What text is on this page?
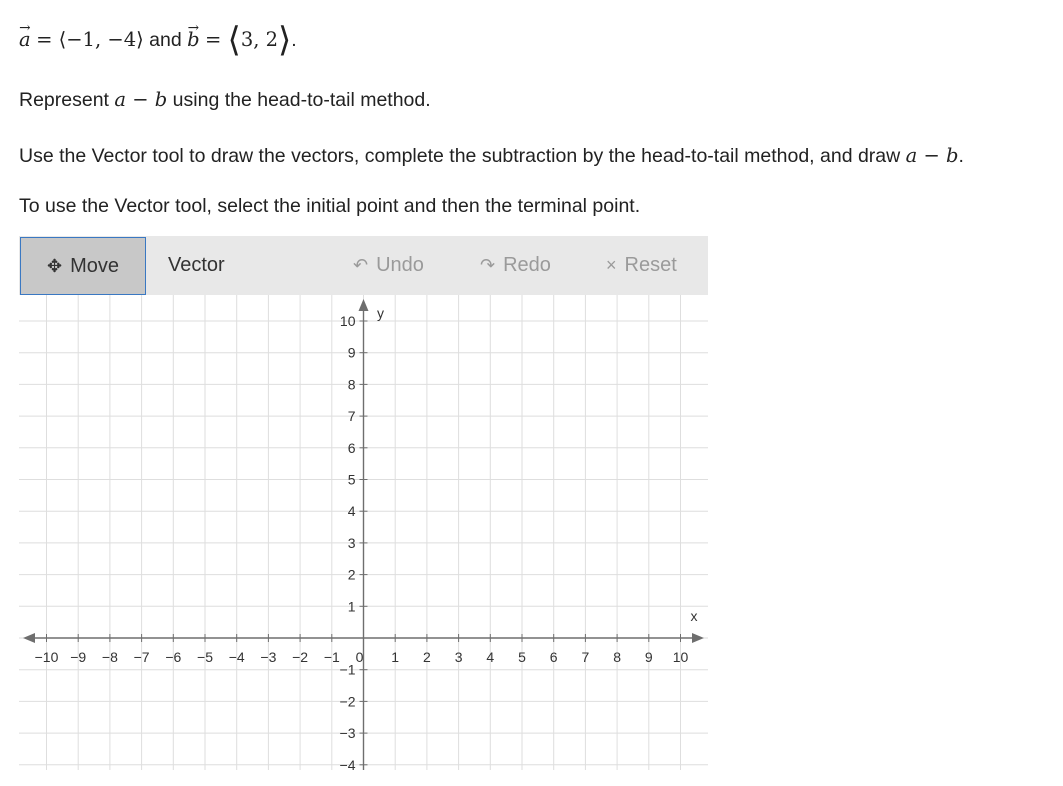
→ a = ⟨−1, −4⟩ and → b = ⟨3, 2⟩.
Represent a − b using the head-to-tail method.
Use the Vector tool to draw the vectors, complete the subtraction by the head-to-tail method, and draw a − b.
To use the Vector tool, select the initial point and then the terminal point.
✥ Move	Vector	↶ Undo	↷ Redo	× Reset
−10 −9 −8 −7 −6 −5 −4 −3 −2 −1 0 1 2 3 4 5 6 7 8 9 10
10
9
8
7
6
5
4
3
2
1
−1
−2
−3
−4
x
y
